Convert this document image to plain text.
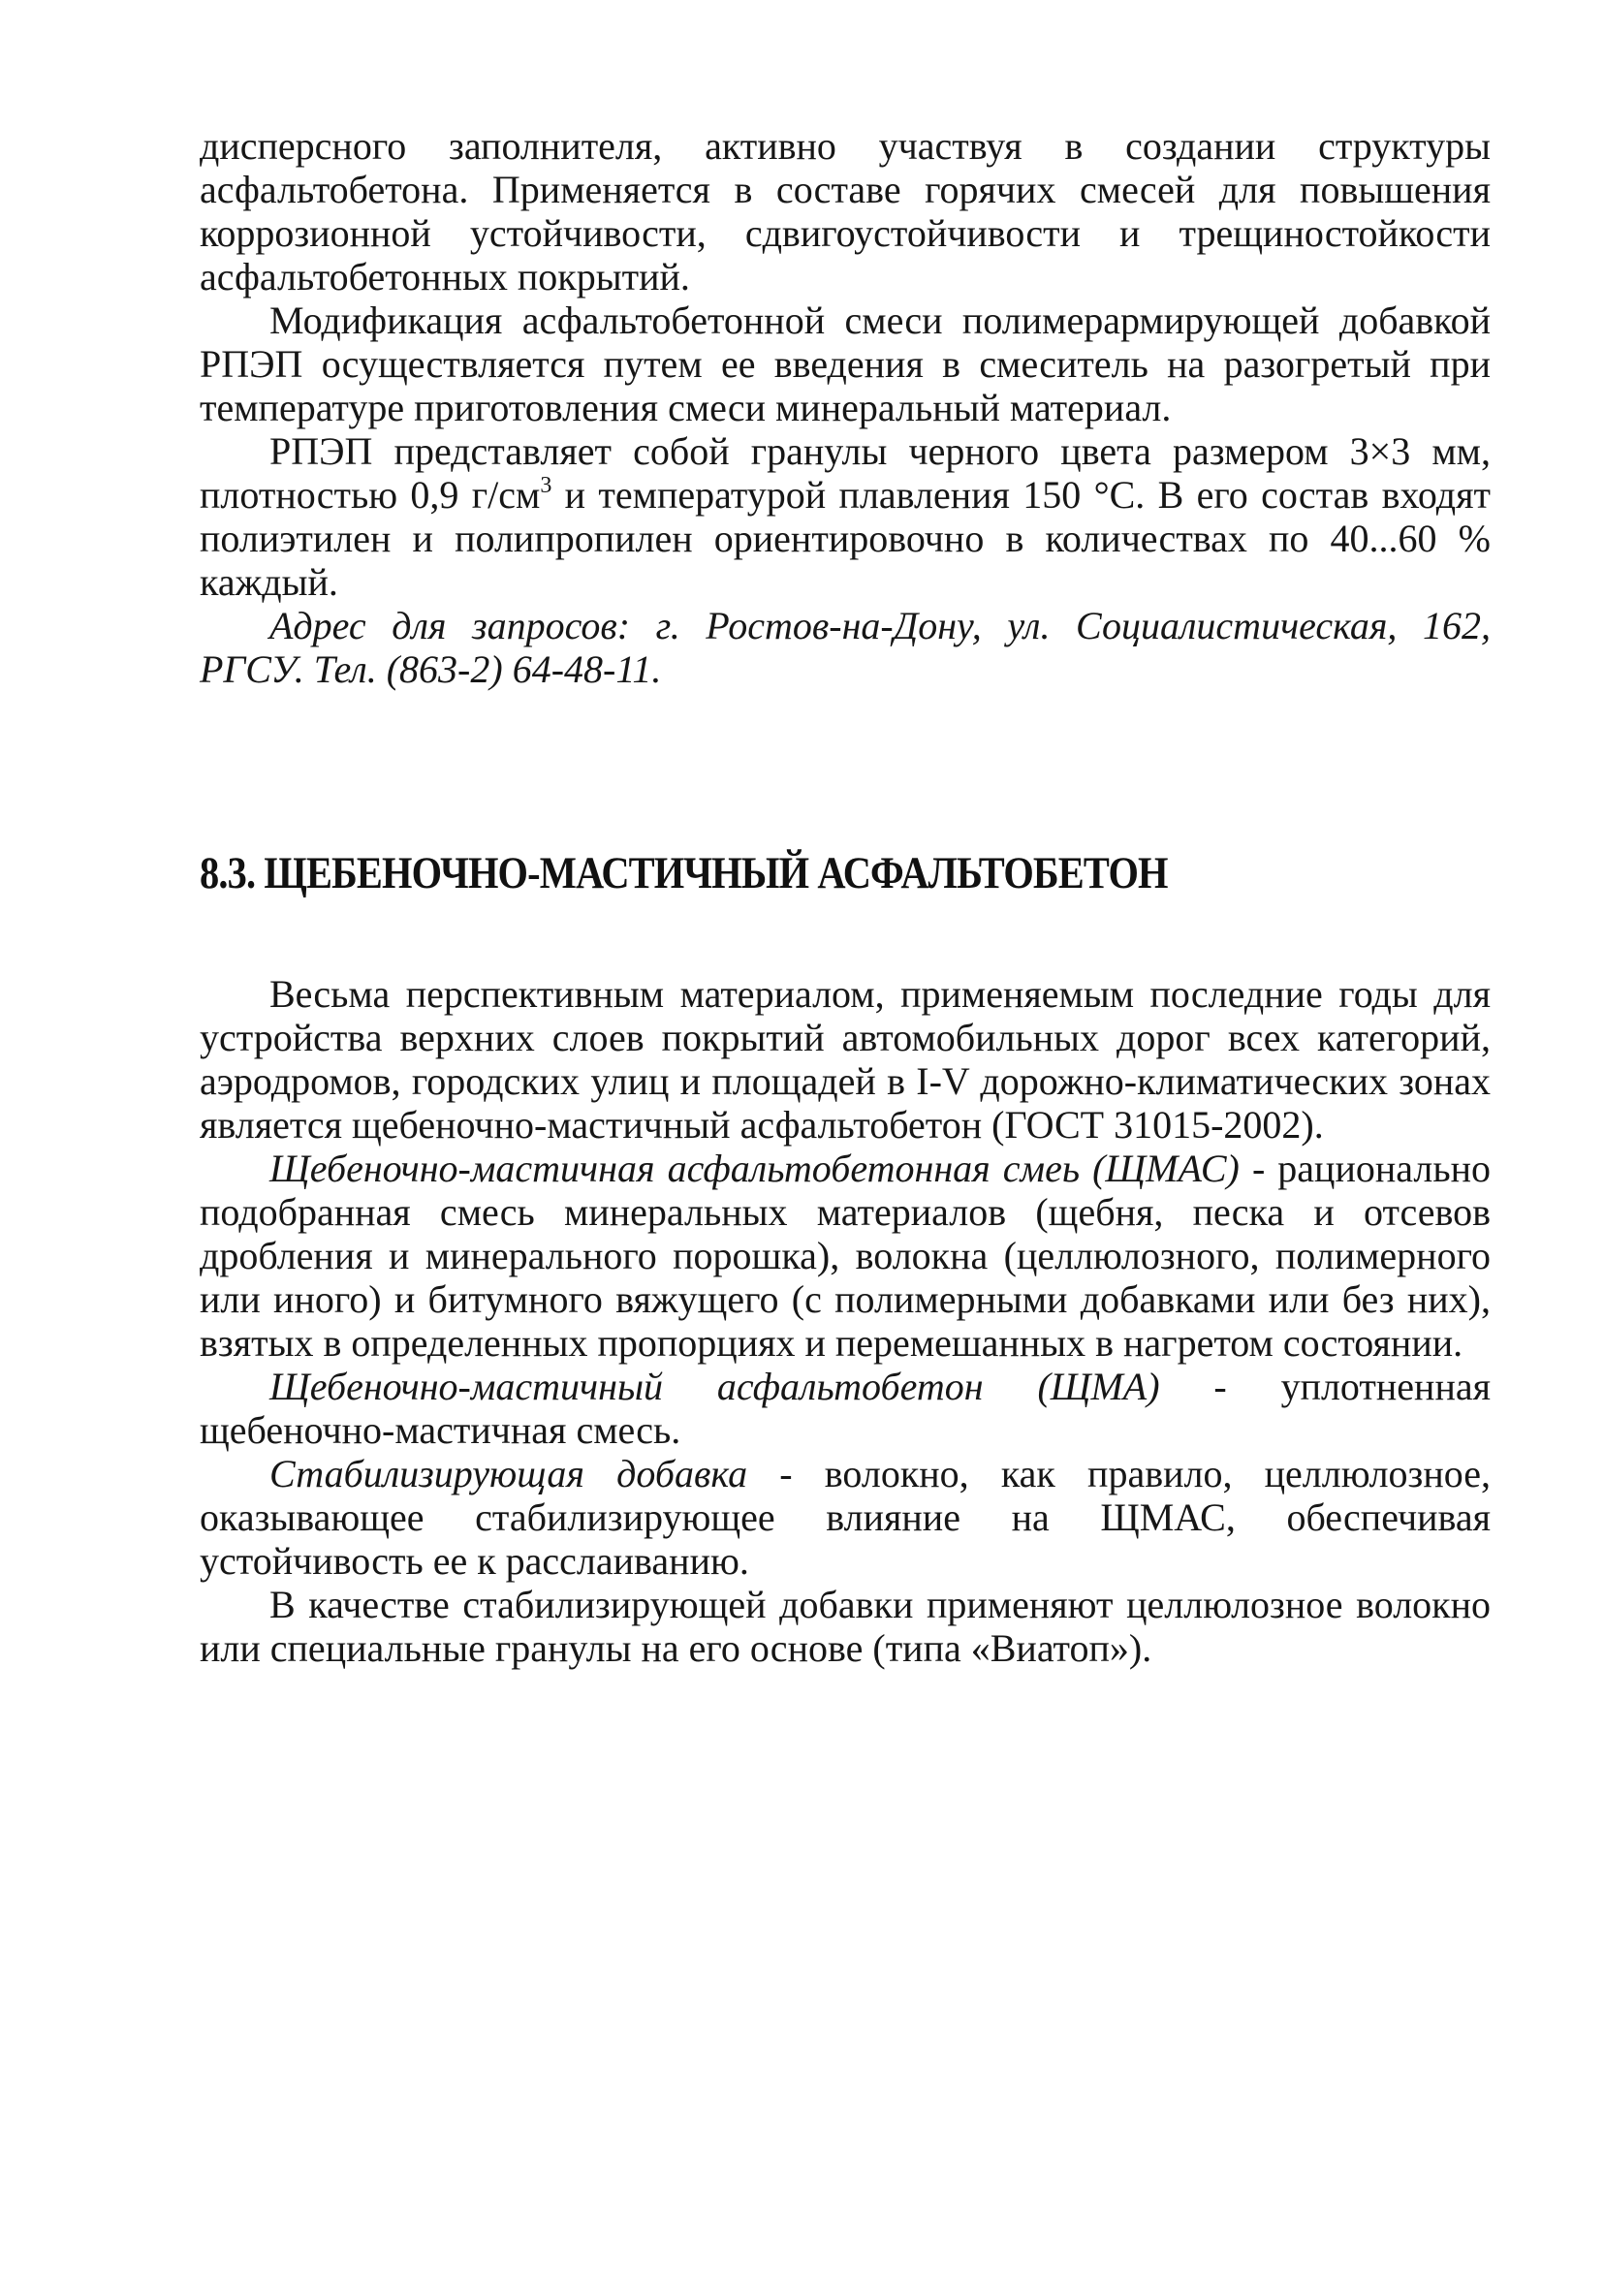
дисперсного заполнителя, активно участвуя в создании структуры асфальтобетона. Применяется в составе горячих смесей для повышения коррозионной устойчивости, сдвигоустойчивости и трещиностойкости асфальтобетонных покрытий.

Модификация асфальтобетонной смеси полимерармирующей добавкой РПЭП осуществляется путем ее введения в смеситель на разогретый при температуре приготовления смеси минеральный материал.

РПЭП представляет собой гранулы черного цвета размером 3×3 мм, плотностью 0,9 $г/см^3$ и температурой плавления 150 °С. В его состав входят полиэтилен и полипропилен ориентировочно в количествах по 40...60 % каждый.

Адрес для запросов: г. Ростов-на-Дону, ул. Социалистическая, 162, РГСУ. Тел. (863-2) 64-48-11.

8.3. ЩЕБЕНОЧНО-МАСТИЧНЫЙ АСФАЛЬТОБЕТОН

Весьма перспективным материалом, применяемым последние годы для устройства верхних слоев покрытий автомобильных дорог всех категорий, аэродромов, городских улиц и площадей в I-V дорожно-климатических зонах является щебеночно-мастичный асфальтобетон (ГОСТ 31015-2002).

Щебеночно-мастичная асфальтобетонная смеь (ЩМАС) - рационально подобранная смесь минеральных материалов (щебня, песка и отсевов дробления и минерального порошка), волокна (целлюлозного, полимерного или иного) и битумного вяжущего (с полимерными добавками или без них), взятых в определенных пропорциях и перемешанных в нагретом состоянии.

Щебеночно-мастичный асфальтобетон (ЩМА) - уплотненная щебеночно-мастичная смесь.

Стабилизирующая добавка - волокно, как правило, целлюлозное, оказывающее стабилизирующее влияние на ЩМАС, обеспечивая устойчивость ее к расслаиванию.

В качестве стабилизирующей добавки применяют целлюлозное волокно или специальные гранулы на его основе (типа «Виатоп»).
